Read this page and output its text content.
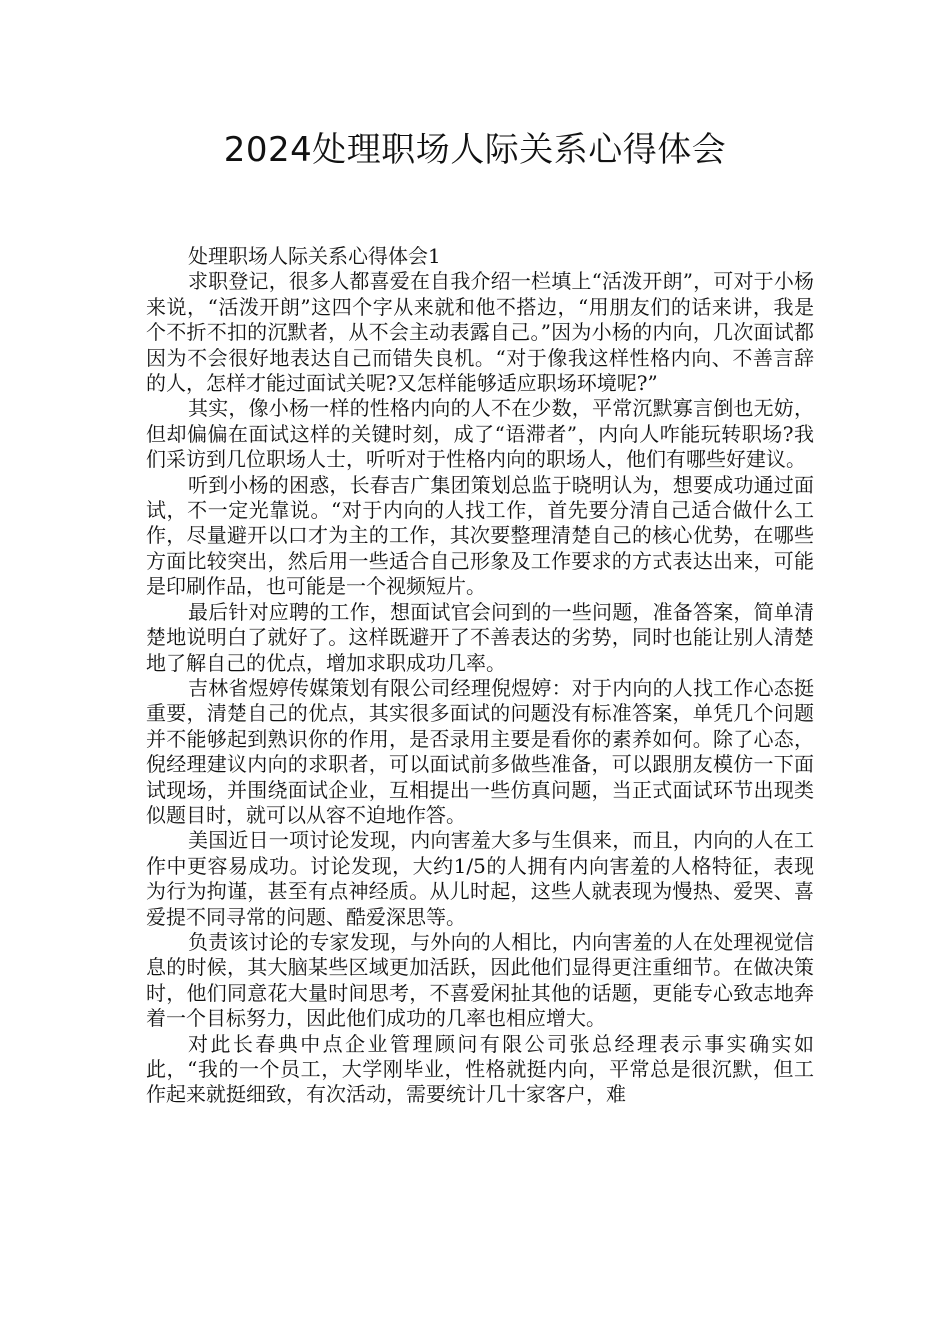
2024处理职场人际关系心得体会

处理职场人际关系心得体会1

求职登记，很多人都喜爱在自我介绍一栏填上“活泼开朗”，可对于小杨来说，“活泼开朗”这四个字从来就和他不搭边，“用朋友们的话来讲，我是个不折不扣的沉默者，从不会主动表露自己。”因为小杨的内向，几次面试都因为不会很好地表达自己而错失良机。“对于像我这样性格内向、不善言辞的人，怎样才能过面试关呢?又怎样能够适应职场环境呢?”

其实，像小杨一样的性格内向的人不在少数，平常沉默寡言倒也无妨，但却偏偏在面试这样的关键时刻，成了“语滞者”，内向人咋能玩转职场?我们采访到几位职场人士，听听对于性格内向的职场人，他们有哪些好建议。

听到小杨的困惑，长春吉广集团策划总监于晓明认为，想要成功通过面试，不一定光靠说。“对于内向的人找工作，首先要分清自己适合做什么工作，尽量避开以口才为主的工作，其次要整理清楚自己的核心优势，在哪些方面比较突出，然后用一些适合自己形象及工作要求的方式表达出来，可能是印刷作品，也可能是一个视频短片。

最后针对应聘的工作，想面试官会问到的一些问题，准备答案，简单清楚地说明白了就好了。这样既避开了不善表达的劣势，同时也能让别人清楚地了解自己的优点，增加求职成功几率。

吉林省煜婷传媒策划有限公司经理倪煜婷：对于内向的人找工作心态挺重要，清楚自己的优点，其实很多面试的问题没有标准答案，单凭几个问题并不能够起到熟识你的作用，是否录用主要是看你的素养如何。除了心态，倪经理建议内向的求职者，可以面试前多做些准备，可以跟朋友模仿一下面试现场，并围绕面试企业，互相提出一些仿真问题，当正式面试环节出现类似题目时，就可以从容不迫地作答。

美国近日一项讨论发现，内向害羞大多与生俱来，而且，内向的人在工作中更容易成功。讨论发现，大约1/5的人拥有内向害羞的人格特征，表现为行为拘谨，甚至有点神经质。从儿时起，这些人就表现为慢热、爱哭、喜爱提不同寻常的问题、酷爱深思等。

负责该讨论的专家发现，与外向的人相比，内向害羞的人在处理视觉信息的时候，其大脑某些区域更加活跃，因此他们显得更注重细节。在做决策时，他们同意花大量时间思考，不喜爱闲扯其他的话题，更能专心致志地奔着一个目标努力，因此他们成功的几率也相应增大。

对此长春典中点企业管理顾问有限公司张总经理表示事实确实如此，“我的一个员工，大学刚毕业，性格就挺内向，平常总是很沉默，但工作起来就挺细致，有次活动，需要统计几十家客户，难
